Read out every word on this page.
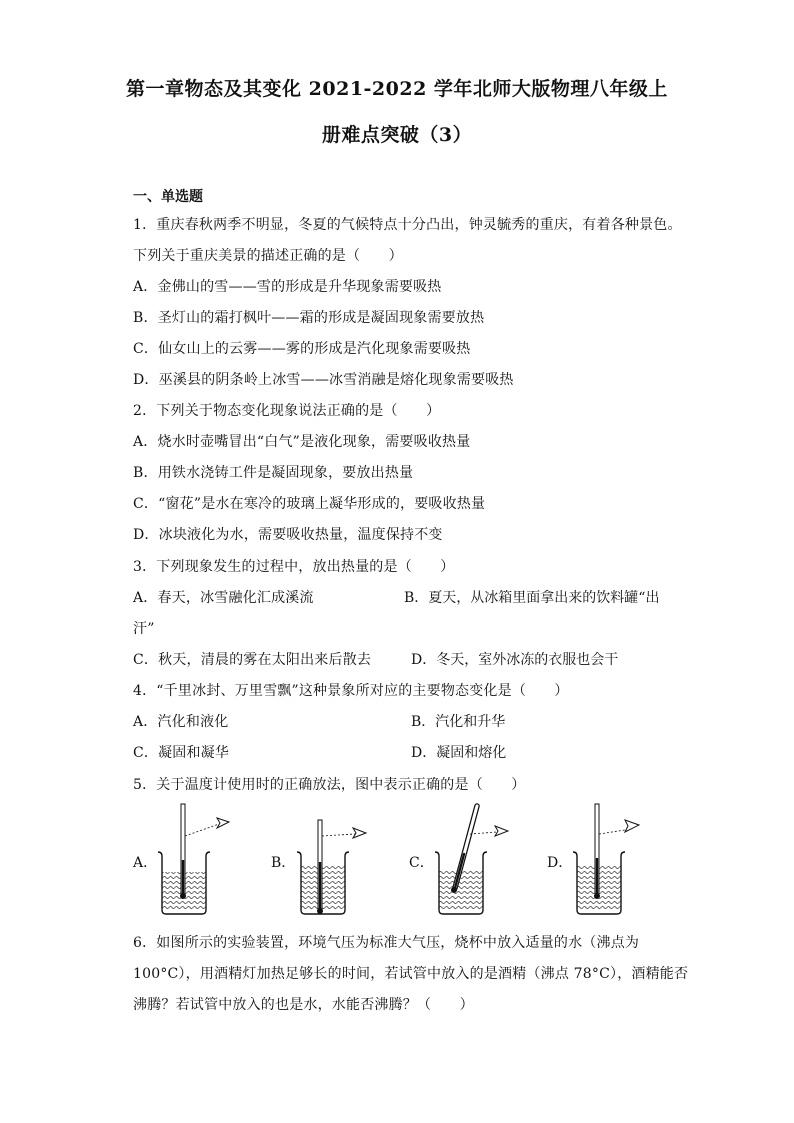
第一章物态及其变化 2021-2022 学年北师大版物理八年级上
册难点突破（3）
一、单选题
1．重庆春秋两季不明显，冬夏的气候特点十分凸出，钟灵毓秀的重庆，有着各种景色。
下列关于重庆美景的描述正确的是（　　）
A．金佛山的雪——雪的形成是升华现象需要吸热
B．圣灯山的霜打枫叶——霜的形成是凝固现象需要放热
C．仙女山上的云雾——雾的形成是汽化现象需要吸热
D．巫溪县的阴条岭上冰雪——冰雪消融是熔化现象需要吸热
2．下列关于物态变化现象说法正确的是（　　）
A．烧水时壶嘴冒出“白气”是液化现象，需要吸收热量
B．用铁水浇铸工件是凝固现象，要放出热量
C．“窗花”是水在寒冷的玻璃上凝华形成的，要吸收热量
D．冰块液化为水，需要吸收热量，温度保持不变
3．下列现象发生的过程中，放出热量的是（　　）
A．春天，冰雪融化汇成溪流	B．夏天，从冰箱里面拿出来的饮料罐“出
汗”
C．秋天，清晨的雾在太阳出来后散去	D．冬天，室外冰冻的衣服也会干
4．“千里冰封、万里雪飘”这种景象所对应的主要物态变化是（　　）
A．汽化和液化	B．汽化和升华
C．凝固和凝华	D．凝固和熔化
5．关于温度计使用时的正确放法，图中表示正确的是（　　）
A．	B．	C．	D．
6．如图所示的实验装置，环境气压为标准大气压，烧杯中放入适量的水（沸点为
100°C），用酒精灯加热足够长的时间，若试管中放入的是酒精（沸点 78°C），酒精能否
沸腾？若试管中放入的也是水，水能否沸腾？（　　）
